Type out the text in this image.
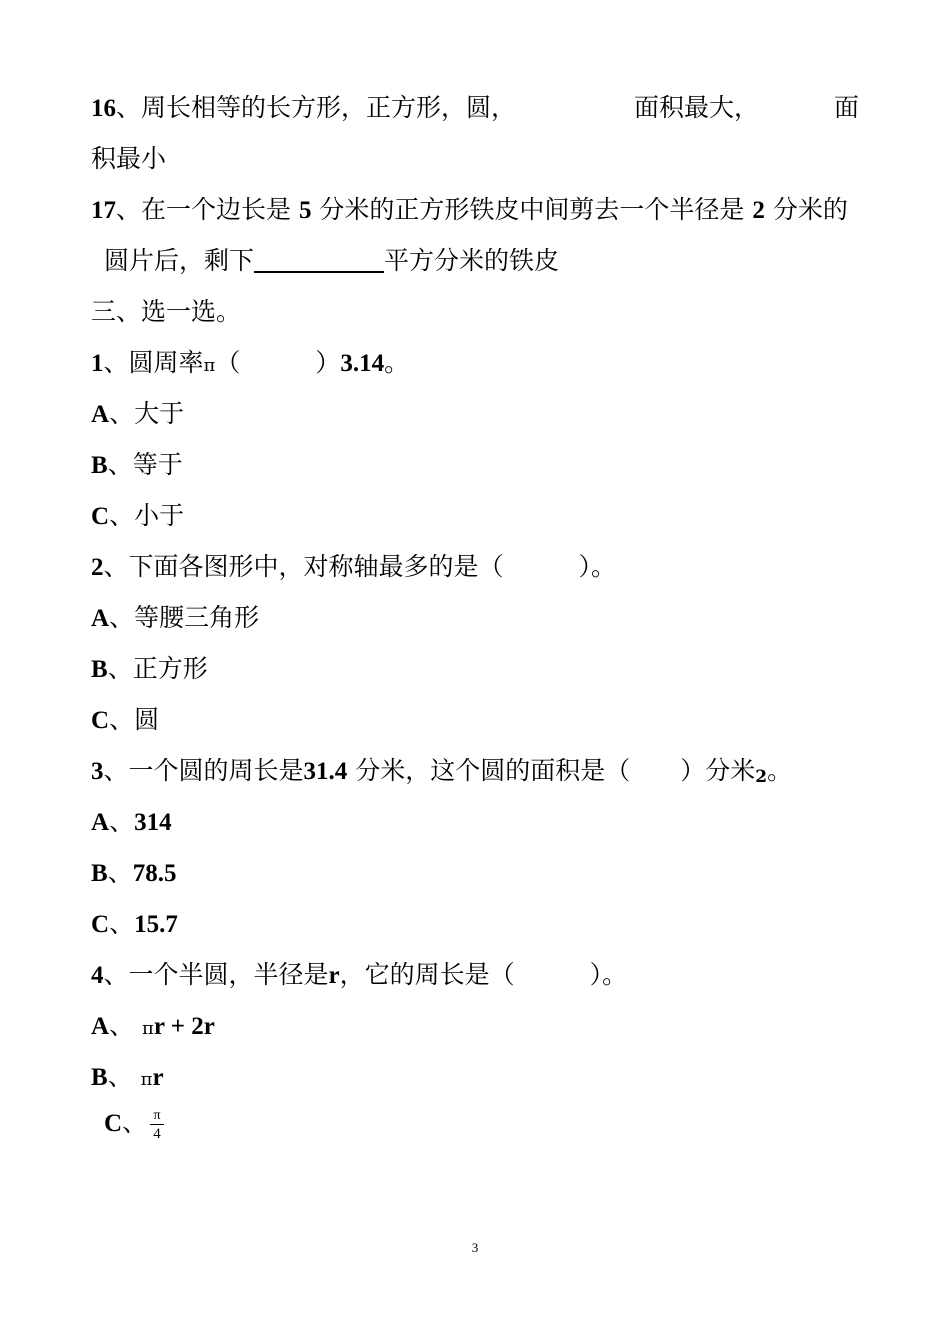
16、周长相等的长方形，正方形，圆，	面积最大，	面
积最小
17、在一个边长是 5 分米的正方形铁皮中间剪去一个半径是 2 分米的
圆片后，剩下	平方分米的铁皮
三、选一选。
1、圆周率π（　　　）3.14。
A、大于
B、等于
C、小于
2、下面各图形中，对称轴最多的是（　　　）。
A、等腰三角形
B、正方形
C、圆
3、一个圆的周长是31.4 分米，这个圆的面积是（　　）分米2。
A、314
B、78.5
C、15.7
4、一个半圆，半径是r，它的周长是（　　　）。
A、 πr + 2r
B、 πr
C、 π
4
3
